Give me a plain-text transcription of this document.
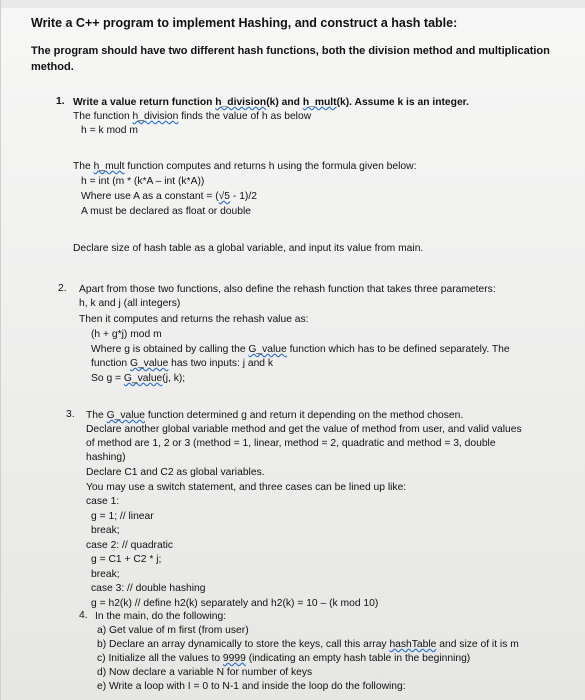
Write a C++ program to implement Hashing, and construct a hash table:
The program should have two different hash functions, both the division method and multiplication
method.
1. Write a value return function h_division(k) and h_mult(k). Assume k is an integer.
The function h_division finds the value of h as below
h = k mod m
The h_mult function computes and returns h using the formula given below:
h = int (m * (k*A – int (k*A))
Where use A as a constant = (√5 - 1)/2
A must be declared as float or double
Declare size of hash table as a global variable, and input its value from main.
2. Apart from those two functions, also define the rehash function that takes three parameters:
h, k and j (all integers)
Then it computes and returns the rehash value as:
(h + g*j) mod m
Where g is obtained by calling the G_value function which has to be defined separately. The
function G_value has two inputs: j and k
So g = G_value(j, k);
3. The G_value function determined g and return it depending on the method chosen.
Declare another global variable method and get the value of method from user, and valid values
of method are 1, 2 or 3 (method = 1, linear, method = 2, quadratic and method = 3, double
hashing)
Declare C1 and C2 as global variables.
You may use a switch statement, and three cases can be lined up like:
case 1:
g = 1; // linear
break;
case 2: // quadratic
g = C1 + C2 * j;
break;
case 3: // double hashing
g = h2(k) // define h2(k) separately and h2(k) = 10 – (k mod 10)
4. In the main, do the following:
a) Get value of m first (from user)
b) Declare an array dynamically to store the keys, call this array hashTable and size of it is m
c) Initialize all the values to 9999 (indicating an empty hash table in the beginning)
d) Now declare a variable N for number of keys
e) Write a loop with I = 0 to N-1 and inside the loop do the following:
